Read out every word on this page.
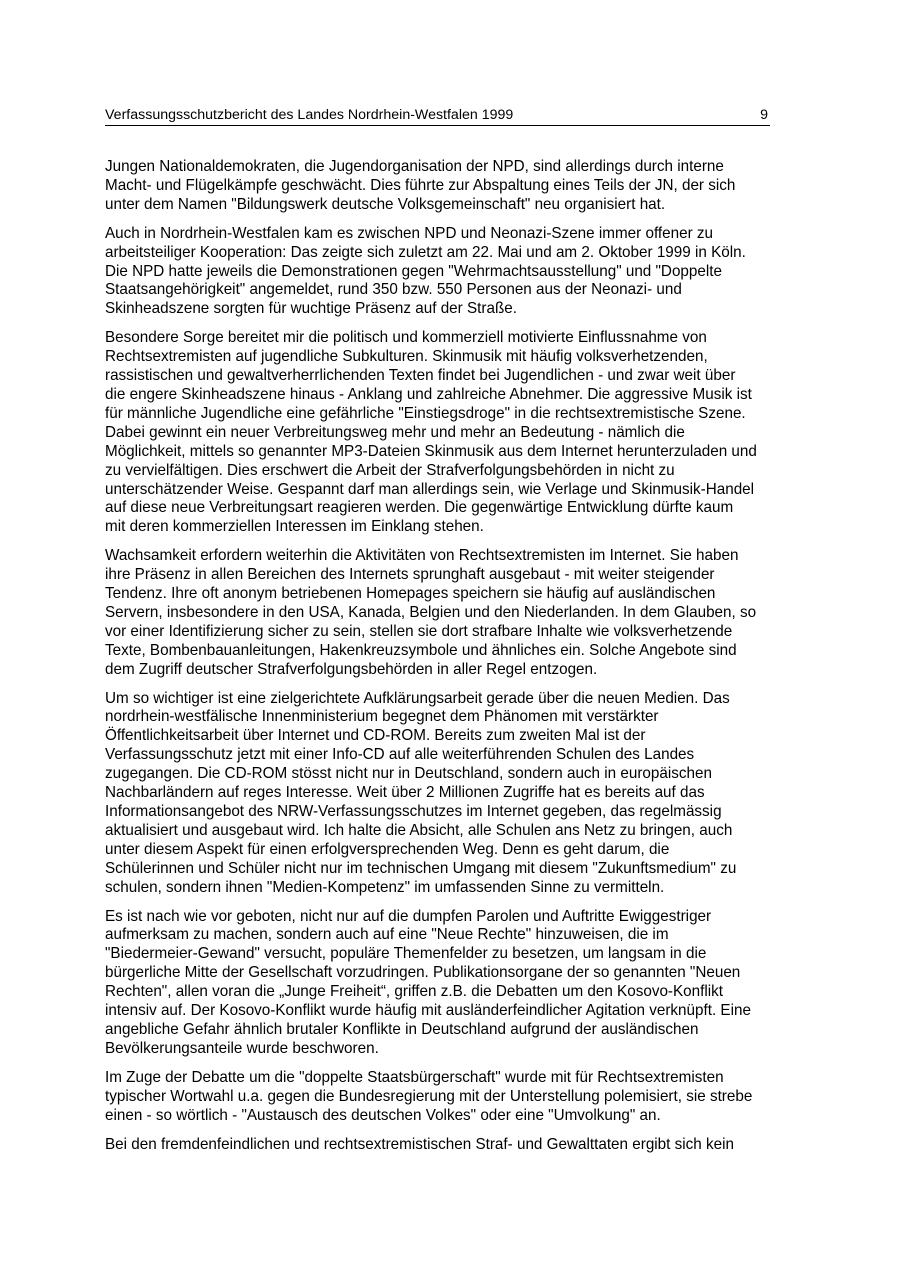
Verfassungsschutzbericht des Landes Nordrhein-Westfalen 1999	9

Jungen Nationaldemokraten, die Jugendorganisation der NPD, sind allerdings durch interne
Macht- und Flügelkämpfe geschwächt. Dies führte zur Abspaltung eines Teils der JN, der sich
unter dem Namen "Bildungswerk deutsche Volksgemeinschaft" neu organisiert hat.

Auch in Nordrhein-Westfalen kam es zwischen NPD und Neonazi-Szene immer offener zu
arbeitsteiliger Kooperation: Das zeigte sich zuletzt am 22. Mai und am 2. Oktober 1999 in Köln.
Die NPD hatte jeweils die Demonstrationen gegen "Wehrmachtsausstellung" und "Doppelte
Staatsangehörigkeit" angemeldet, rund 350 bzw. 550 Personen aus der Neonazi- und
Skinheadszene sorgten für wuchtige Präsenz auf der Straße.

Besondere Sorge bereitet mir die politisch und kommerziell motivierte Einflussnahme von
Rechtsextremisten auf jugendliche Subkulturen. Skinmusik mit häufig volksverhetzenden,
rassistischen und gewaltverherrlichenden Texten findet bei Jugendlichen - und zwar weit über
die engere Skinheadszene hinaus - Anklang und zahlreiche Abnehmer. Die aggressive Musik ist
für männliche Jugendliche eine gefährliche "Einstiegsdroge" in die rechtsextremistische Szene.
Dabei gewinnt ein neuer Verbreitungsweg mehr und mehr an Bedeutung - nämlich die
Möglichkeit, mittels so genannter MP3-Dateien Skinmusik aus dem Internet herunterzuladen und
zu vervielfältigen. Dies erschwert die Arbeit der Strafverfolgungsbehörden in nicht zu
unterschätzender Weise. Gespannt darf man allerdings sein, wie Verlage und Skinmusik-Handel
auf diese neue Verbreitungsart reagieren werden. Die gegenwärtige Entwicklung dürfte kaum
mit deren kommerziellen Interessen im Einklang stehen.

Wachsamkeit erfordern weiterhin die Aktivitäten von Rechtsextremisten im Internet. Sie haben
ihre Präsenz in allen Bereichen des Internets sprunghaft ausgebaut - mit weiter steigender
Tendenz. Ihre oft anonym betriebenen Homepages speichern sie häufig auf ausländischen
Servern, insbesondere in den USA, Kanada, Belgien und den Niederlanden. In dem Glauben, so
vor einer Identifizierung sicher zu sein, stellen sie dort strafbare Inhalte wie volksverhetzende
Texte, Bombenbauanleitungen, Hakenkreuzsymbole und ähnliches ein. Solche Angebote sind
dem Zugriff deutscher Strafverfolgungsbehörden in aller Regel entzogen.

Um so wichtiger ist eine zielgerichtete Aufklärungsarbeit gerade über die neuen Medien. Das
nordrhein-westfälische Innenministerium begegnet dem Phänomen mit verstärkter
Öffentlichkeitsarbeit über Internet und CD-ROM. Bereits zum zweiten Mal ist der
Verfassungsschutz jetzt mit einer Info-CD auf alle weiterführenden Schulen des Landes
zugegangen. Die CD-ROM stösst nicht nur in Deutschland, sondern auch in europäischen
Nachbarländern auf reges Interesse. Weit über 2 Millionen Zugriffe hat es bereits auf das
Informationsangebot des NRW-Verfassungsschutzes im Internet gegeben, das regelmässig
aktualisiert und ausgebaut wird. Ich halte die Absicht, alle Schulen ans Netz zu bringen, auch
unter diesem Aspekt für einen erfolgversprechenden Weg. Denn es geht darum, die
Schülerinnen und Schüler nicht nur im technischen Umgang mit diesem "Zukunftsmedium" zu
schulen, sondern ihnen "Medien-Kompetenz" im umfassenden Sinne zu vermitteln.

Es ist nach wie vor geboten, nicht nur auf die dumpfen Parolen und Auftritte Ewiggestriger
aufmerksam zu machen, sondern auch auf eine "Neue Rechte" hinzuweisen, die im
"Biedermeier-Gewand" versucht, populäre Themenfelder zu besetzen, um langsam in die
bürgerliche Mitte der Gesellschaft vorzudringen. Publikationsorgane der so genannten "Neuen
Rechten", allen voran die „Junge Freiheit“, griffen z.B. die Debatten um den Kosovo-Konflikt
intensiv auf. Der Kosovo-Konflikt wurde häufig mit ausländerfeindlicher Agitation verknüpft. Eine
angebliche Gefahr ähnlich brutaler Konflikte in Deutschland aufgrund der ausländischen
Bevölkerungsanteile wurde beschworen.

Im Zuge der Debatte um die "doppelte Staatsbürgerschaft" wurde mit für Rechtsextremisten
typischer Wortwahl u.a. gegen die Bundesregierung mit der Unterstellung polemisiert, sie strebe
einen - so wörtlich - "Austausch des deutschen Volkes" oder eine "Umvolkung" an.

Bei den fremdenfeindlichen und rechtsextremistischen Straf- und Gewalttaten ergibt sich kein
